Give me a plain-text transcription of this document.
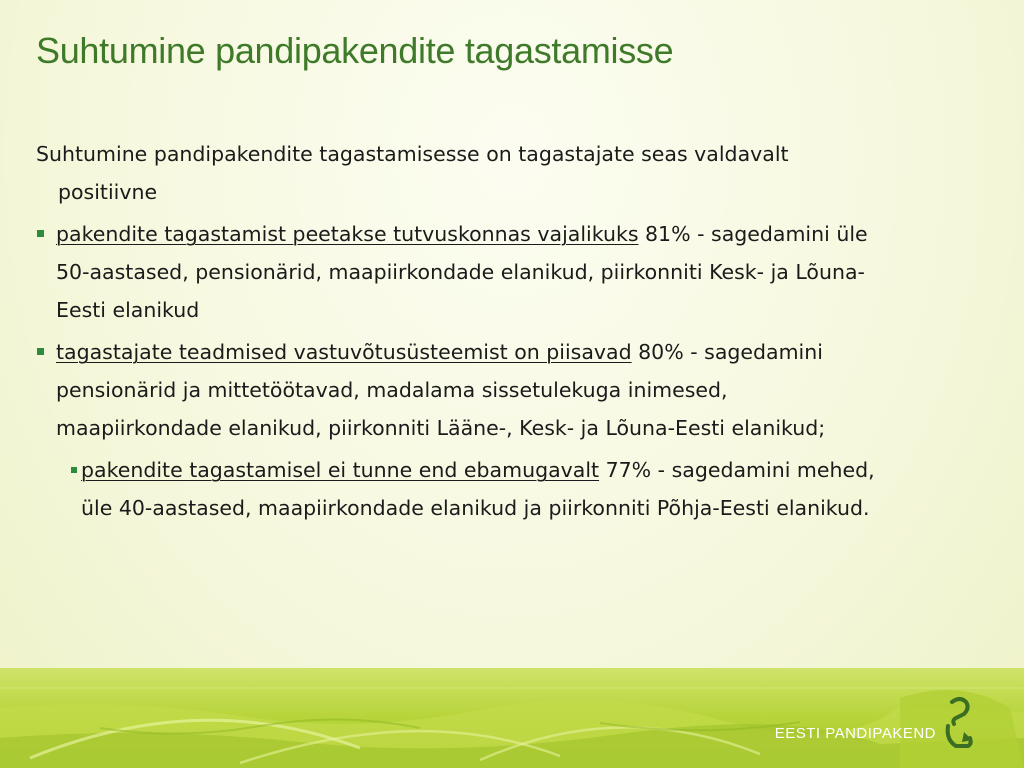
Suhtumine pandipakendite tagastamisse

Suhtumine pandipakendite tagastamisesse on tagastajate seas valdavalt positiivne

pakendite tagastamist peetakse tutvuskonnas vajalikuks 81% - sagedamini üle 50-aastased, pensionärid, maapiirkondade elanikud, piirkonniti Kesk- ja Lõuna-Eesti elanikud
tagastajate teadmised vastuvõtusüsteemist on piisavad 80% - sagedamini pensionärid ja mittetöötavad, madalama sissetulekuga inimesed, maapiirkondade elanikud, piirkonniti Lääne-, Kesk- ja Lõuna-Eesti elanikud;
pakendite tagastamisel ei tunne end ebamugavalt 77% - sagedamini mehed, üle 40-aastased, maapiirkondade elanikud ja piirkonniti Põhja-Eesti elanikud.
EESTI PANDIPAKEND
